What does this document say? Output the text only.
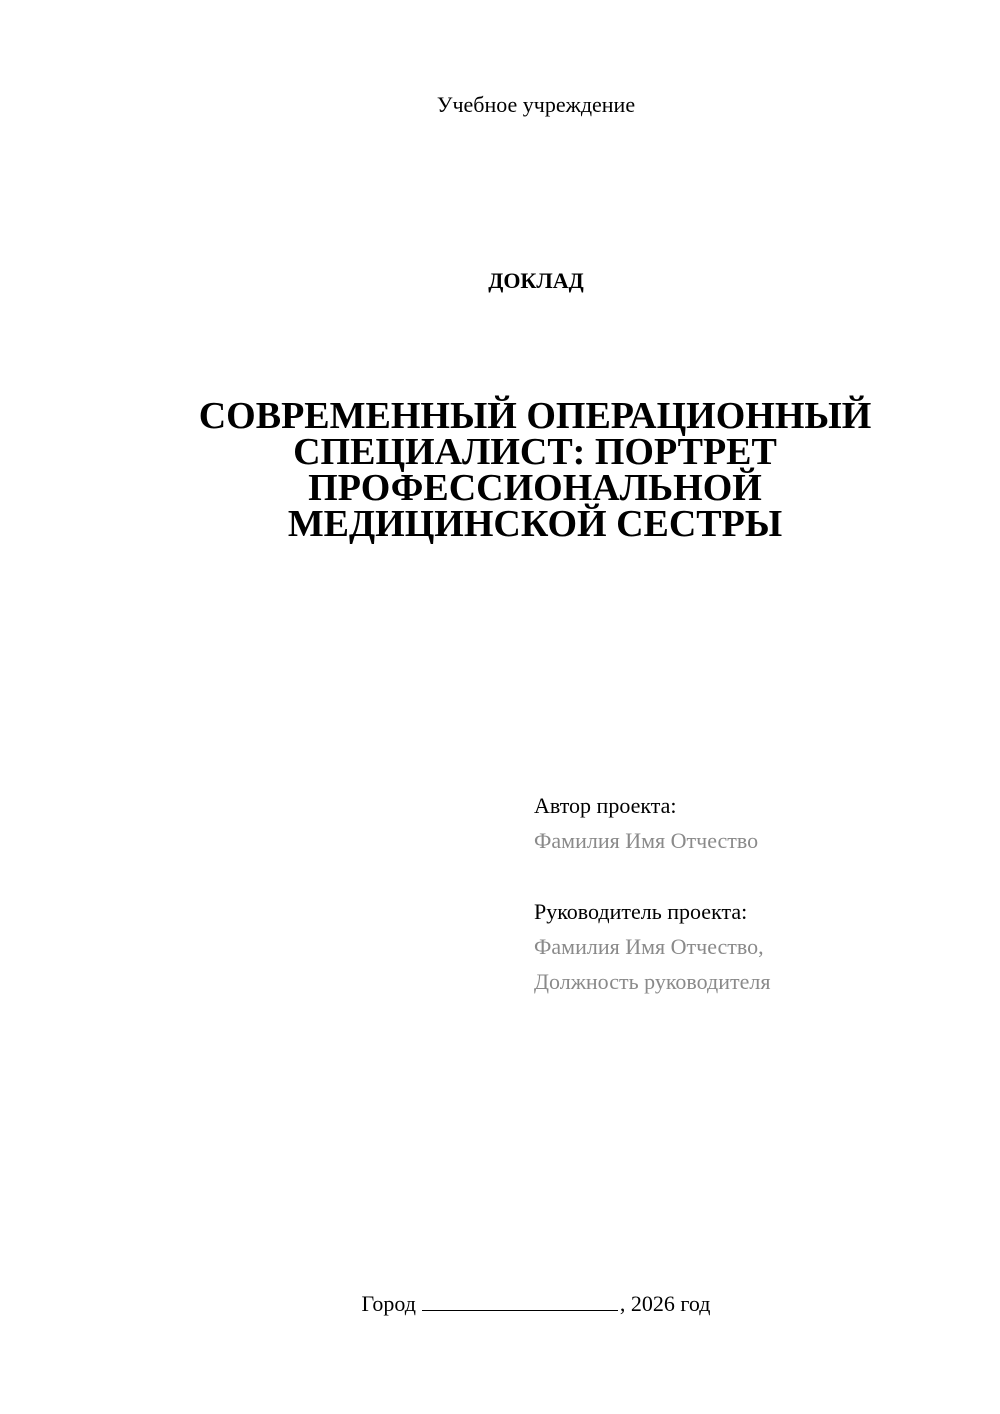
Учебное учреждение
ДОКЛАД
СОВРЕМЕННЫЙ ОПЕРАЦИОННЫЙ
СПЕЦИАЛИСТ: ПОРТРЕТ
ПРОФЕССИОНАЛЬНОЙ
МЕДИЦИНСКОЙ СЕСТРЫ
Автор проекта:
Фамилия Имя Отчество
Руководитель проекта:
Фамилия Имя Отчество,
Должность руководителя
Город	, 2026 год
